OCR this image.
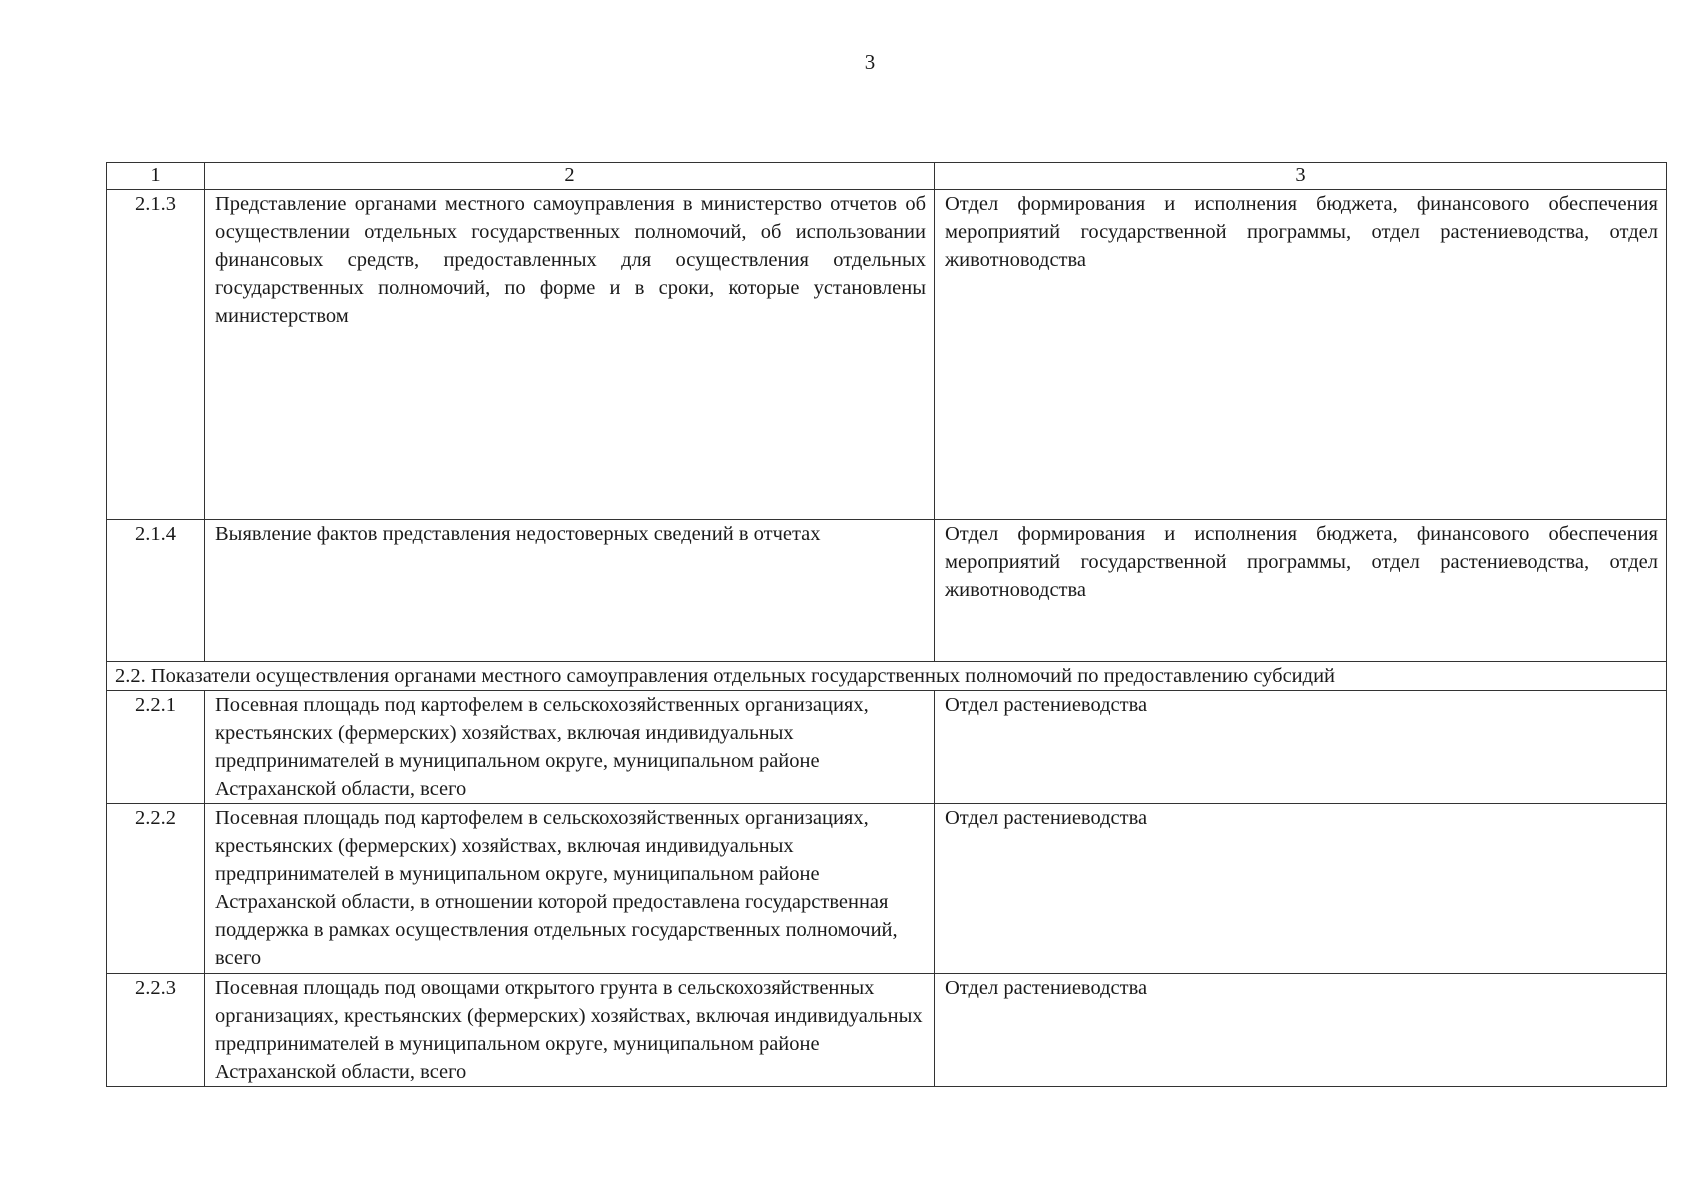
3
1	2	3
2.1.3	Представление органами местного самоуправления в министерство отчетов об осуществлении отдельных государственных полномочий, об использовании финансовых средств, предоставленных для осуществления отдельных государственных полномочий, по форме и в сроки, которые установлены министерством	Отдел формирования и исполнения бюджета, финансового обеспечения мероприятий государственной программы, отдел растениеводства, отдел животноводства
2.1.4	Выявление фактов представления недостоверных сведений в отчетах	Отдел формирования и исполнения бюджета, финансового обеспечения мероприятий государственной программы, отдел растениеводства, отдел животноводства
2.2. Показатели осуществления органами местного самоуправления отдельных государственных полномочий по предоставлению субсидий		
2.2.1	Посевная площадь под картофелем в сельскохозяйственных организациях, крестьянских (фермерских) хозяйствах, включая индивидуальных предпринимателей в муниципальном округе, муниципальном районе Астраханской области, всего	Отдел растениеводства
2.2.2	Посевная площадь под картофелем в сельскохозяйственных организациях, крестьянских (фермерских) хозяйствах, включая индивидуальных предпринимателей в муниципальном округе, муниципальном районе Астраханской области, в отношении которой предоставлена государственная поддержка в рамках осуществления отдельных государственных полномочий, всего	Отдел растениеводства
2.2.3	Посевная площадь под овощами открытого грунта в сельскохозяйственных организациях, крестьянских (фермерских) хозяйствах, включая индивидуальных предпринимателей в муниципальном округе, муниципальном районе Астраханской области, всего	Отдел растениеводства
